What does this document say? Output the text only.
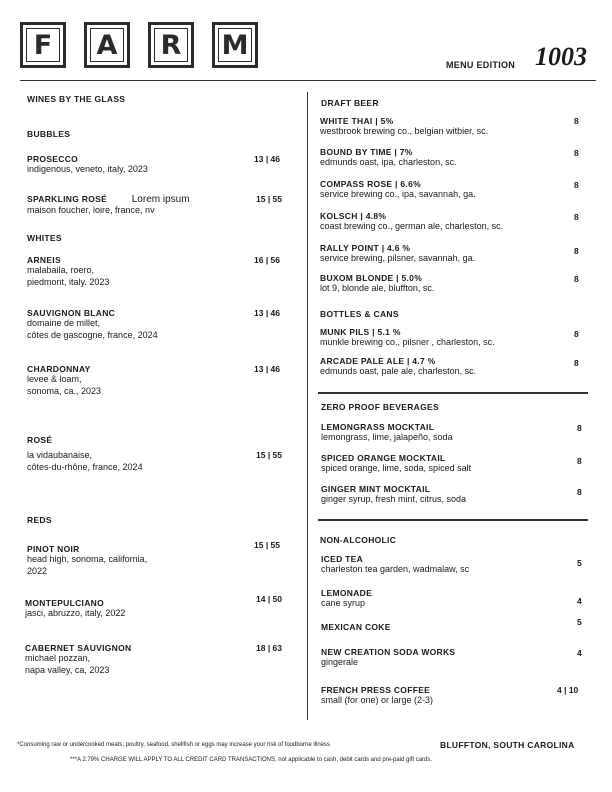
F A R M
MENU EDITION 1003
WINES BY THE GLASS
BUBBLES
PROSECCO
indigenous, veneto, italy, 2023
13 | 46
SPARKLING ROSÉ Lorem ipsum
maison foucher, loire, france, nv
15 | 55
WHITES
ARNEIS
malabaila, roero,
piedmont, italy. 2023
16 | 56
SAUVIGNON BLANC
domaine de millet,
côtes de gascogne, france, 2024
13 | 46
CHARDONNAY
levee & loam,
sonoma, ca., 2023
13 | 46
ROSÉ
la vidaubanaise,
côtes-du-rhône, france, 2024
15 | 55
REDS
PINOT NOIR
head high, sonoma, california,
2022
15 | 55
MONTEPULCIANO
jasci, abruzzo, italy, 2022
14 | 50
CABERNET SAUVIGNON
michael pozzan,
napa valley, ca, 2023
18 | 63
DRAFT BEER
WHITE THAI | 5%
westbrook brewing co., belgian witbier, sc.
8
BOUND BY TIME | 7%
edmunds oast, ipa, charleston, sc.
8
COMPASS ROSE | 6.6%
service brewing co., ipa, savannah, ga.
8
KOLSCH | 4.8%
coast brewing co., german ale, charleston, sc.
8
RALLY POINT | 4.6 %
service brewing, pilsner, savannah, ga.
8
BUXOM BLONDE | 5.0%
lot 9, blonde ale, bluffton, sc.
8
BOTTLES & CANS
MUNK PILS | 5.1 %
munkle brewing co., pilsner , charleston, sc.
8
ARCADE PALE ALE | 4.7 %
edmunds oast, pale ale, charleston, sc.
8
ZERO PROOF BEVERAGES
LEMONGRASS MOCKTAIL
lemongrass, lime, jalapeño, soda
8
SPICED ORANGE MOCKTAIL
spiced orange, lime, soda, spiced salt
8
GINGER MINT MOCKTAIL
ginger syrup, fresh mint, citrus, soda
8
NON-ALCOHOLIC
ICED TEA
charleston tea garden, wadmalaw, sc
5
LEMONADE
cane syrup	4
MEXICAN COKE	5
NEW CREATION SODA WORKS
gingerale
4
FRENCH PRESS COFFEE
small (for one) or large (2-3)
4 | 10
*Consuming raw or undercooked meats, poultry, seafood, shellfish or eggs may increase your risk of foodborne illness	BLUFFTON, SOUTH CAROLINA
***A 2.79% CHARGE WILL APPLY TO ALL CREDIT CARD TRANSACTIONS, not applicable to cash, debit cards and pre-paid gift cards.
